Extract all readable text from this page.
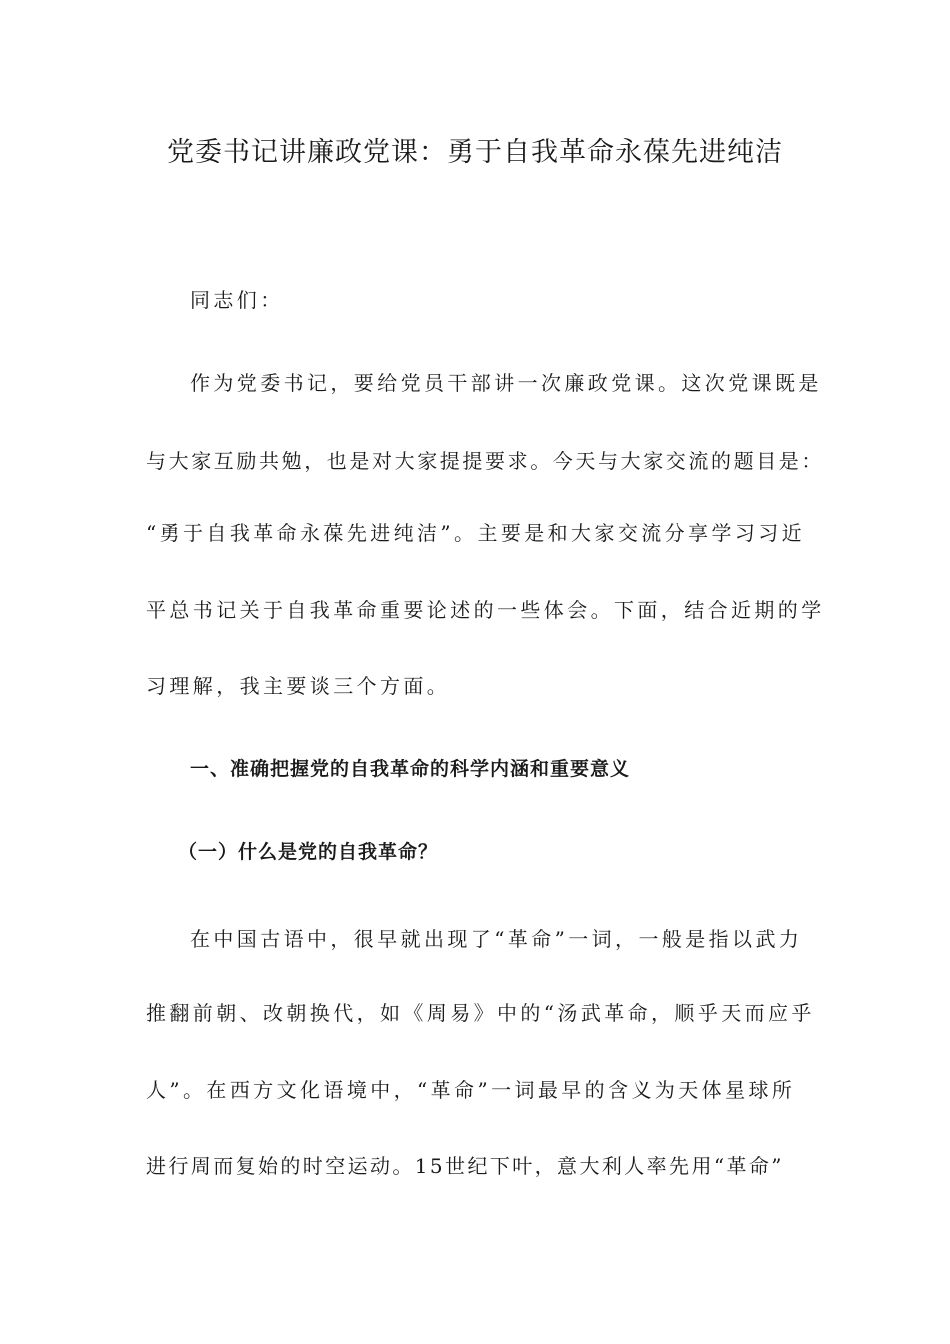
党委书记讲廉政党课：勇于自我革命永葆先进纯洁

同志们：

作为党委书记，要给党员干部讲一次廉政党课。这次党课既是

与大家互励共勉，也是对大家提提要求。今天与大家交流的题目是：

“勇于自我革命永葆先进纯洁”。主要是和大家交流分享学习习近

平总书记关于自我革命重要论述的一些体会。下面，结合近期的学

习理解，我主要谈三个方面。

一、准确把握党的自我革命的科学内涵和重要意义

（一）什么是党的自我革命？

在中国古语中，很早就出现了“革命”一词，一般是指以武力

推翻前朝、改朝换代，如《周易》中的“汤武革命，顺乎天而应乎

人”。在西方文化语境中，“革命”一词最早的含义为天体星球所

进行周而复始的时空运动。15世纪下叶，意大利人率先用“革命”
